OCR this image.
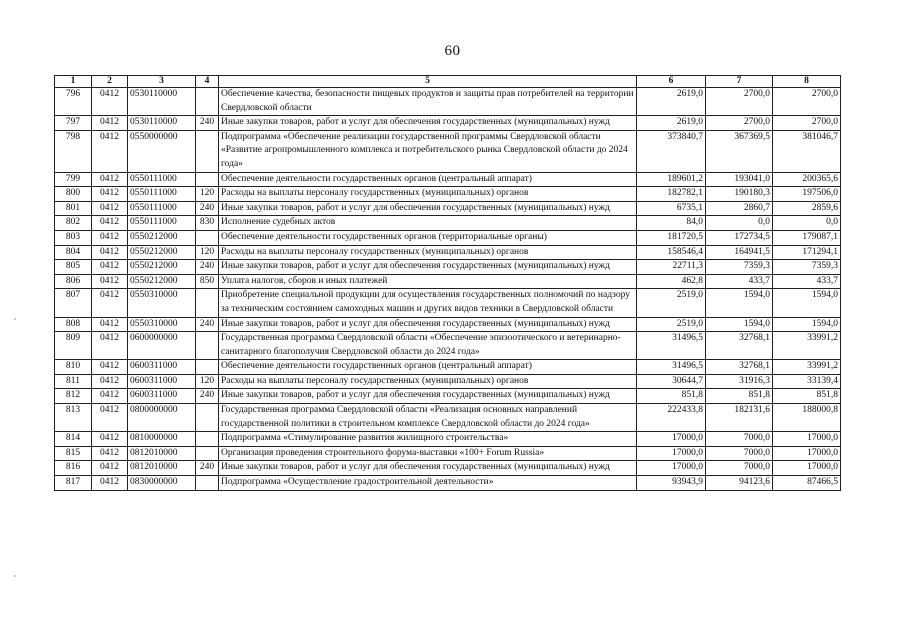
60
1	2	3	4	5	6	7	8
796	0412	0530110000		Обеспечение качества, безопасности пищевых продуктов и защиты прав потребителей на территории Свердловской области	2619,0	2700,0	2700,0
797	0412	0530110000	240	Иные закупки товаров, работ и услуг для обеспечения государственных (муниципальных) нужд	2619,0	2700,0	2700,0
798	0412	0550000000		Подпрограмма «Обеспечение реализации государственной программы Свердловской области «Развитие агропромышленного комплекса и потребительского рынка Свердловской области до 2024 года»	373840,7	367369,5	381046,7
799	0412	0550111000		Обеспечение деятельности государственных органов (центральный аппарат)	189601,2	193041,0	200365,6
800	0412	0550111000	120	Расходы на выплаты персоналу государственных (муниципальных) органов	182782,1	190180,3	197506,0
801	0412	0550111000	240	Иные закупки товаров, работ и услуг для обеспечения государственных (муниципальных) нужд	6735,1	2860,7	2859,6
802	0412	0550111000	830	Исполнение судебных актов	84,0	0,0	0,0
803	0412	0550212000		Обеспечение деятельности государственных органов (территориальные органы)	181720,5	172734,5	179087,1
804	0412	0550212000	120	Расходы на выплаты персоналу государственных (муниципальных) органов	158546,4	164941,5	171294,1
805	0412	0550212000	240	Иные закупки товаров, работ и услуг для обеспечения государственных (муниципальных) нужд	22711,3	7359,3	7359,3
806	0412	0550212000	850	Уплата налогов, сборов и иных платежей	462,8	433,7	433,7
807	0412	0550310000		Приобретение специальной продукции для осуществления государственных полномочий по надзору за техническим состоянием самоходных машин и других видов техники в Свердловской области	2519,0	1594,0	1594,0
808	0412	0550310000	240	Иные закупки товаров, работ и услуг для обеспечения государственных (муниципальных) нужд	2519,0	1594,0	1594,0
809	0412	0600000000		Государственная программа Свердловской области «Обеспечение эпизоотического и ветеринарно-санитарного благополучия Свердловской области до 2024 года»	31496,5	32768,1	33991,2
810	0412	0600311000		Обеспечение деятельности государственных органов (центральный аппарат)	31496,5	32768,1	33991,2
811	0412	0600311000	120	Расходы на выплаты персоналу государственных (муниципальных) органов	30644,7	31916,3	33139,4
812	0412	0600311000	240	Иные закупки товаров, работ и услуг для обеспечения государственных (муниципальных) нужд	851,8	851,8	851,8
813	0412	0800000000		Государственная программа Свердловской области «Реализация основных направлений государственной политики в строительном комплексе Свердловской области до 2024 года»	222433,8	182131,6	188000,8
814	0412	0810000000		Подпрограмма «Стимулирование развития жилищного строительства»	17000,0	7000,0	17000,0
815	0412	0812010000		Организация проведения строительного форума-выставки «100+ Forum Russia»	17000,0	7000,0	17000,0
816	0412	0812010000	240	Иные закупки товаров, работ и услуг для обеспечения государственных (муниципальных) нужд	17000,0	7000,0	17000,0
817	0412	0830000000		Подпрограмма «Осуществление градостроительной деятельности»	93943,9	94123,6	87466,5
